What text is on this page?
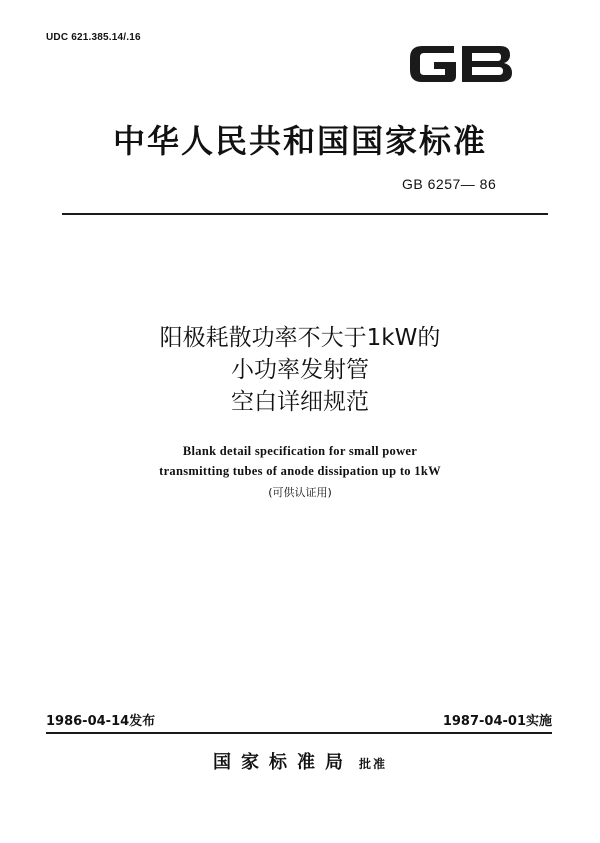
UDC 621.385.14/.16
中华人民共和国国家标准
GB 6257— 86
阳极耗散功率不大于1kW的
小功率发射管
空白详细规范
Blank detail specification for small power
transmitting tubes of anode dissipation up to 1kW
(可供认证用)
1986-04-14发布	1987-04-01实施
国家标准局 批准
